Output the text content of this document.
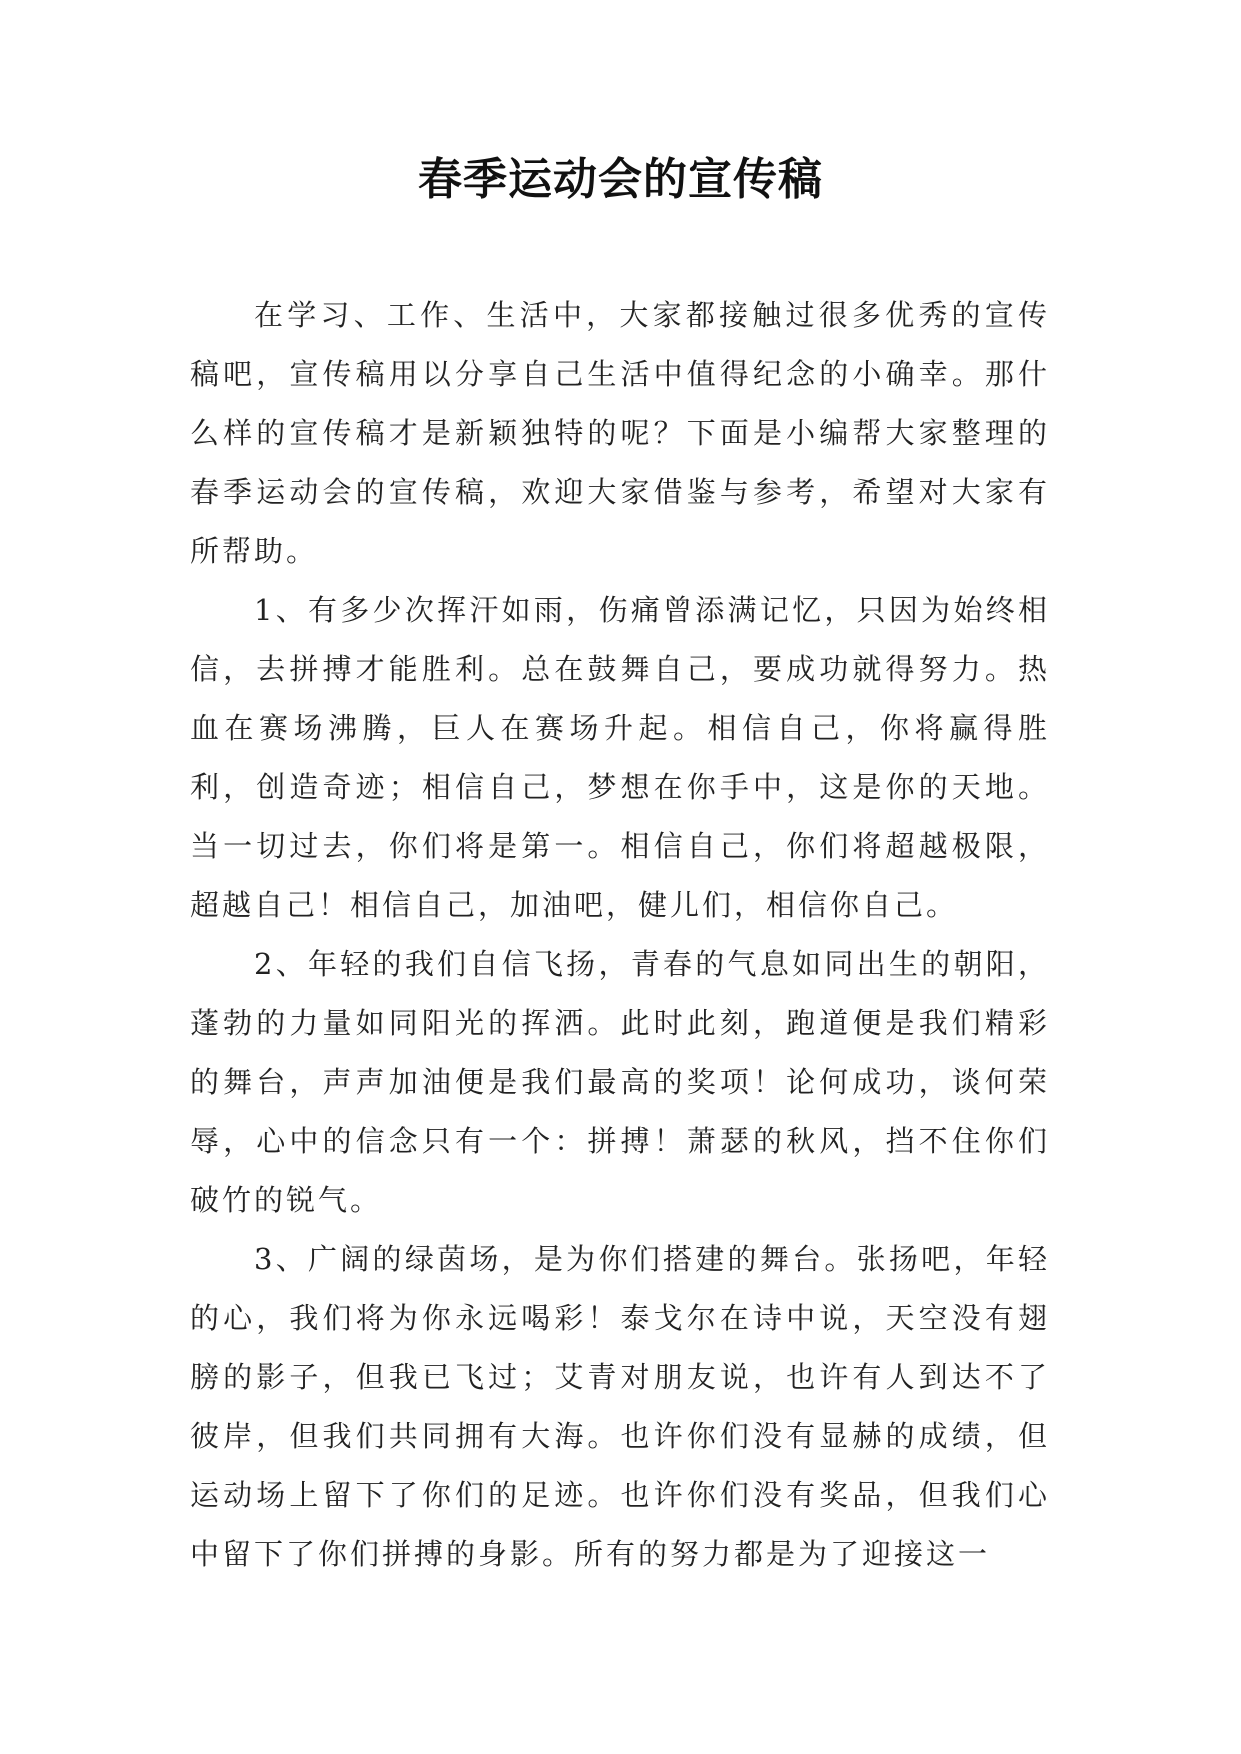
春季运动会的宣传稿

在学习、工作、生活中，大家都接触过很多优秀的宣传稿吧，宣传稿用以分享自己生活中值得纪念的小确幸。那什么样的宣传稿才是新颖独特的呢？下面是小编帮大家整理的春季运动会的宣传稿，欢迎大家借鉴与参考，希望对大家有所帮助。

1、有多少次挥汗如雨，伤痛曾添满记忆，只因为始终相信，去拼搏才能胜利。总在鼓舞自己，要成功就得努力。热血在赛场沸腾，巨人在赛场升起。相信自己，你将赢得胜利，创造奇迹；相信自己，梦想在你手中，这是你的天地。当一切过去，你们将是第一。相信自己，你们将超越极限，超越自己！相信自己，加油吧，健儿们，相信你自己。

2、年轻的我们自信飞扬，青春的气息如同出生的朝阳，蓬勃的力量如同阳光的挥洒。此时此刻，跑道便是我们精彩的舞台，声声加油便是我们最高的奖项！论何成功，谈何荣辱，心中的信念只有一个：拼搏！萧瑟的秋风，挡不住你们破竹的锐气。

3、广阔的绿茵场，是为你们搭建的舞台。张扬吧，年轻的心，我们将为你永远喝彩！泰戈尔在诗中说，天空没有翅膀的影子，但我已飞过；艾青对朋友说，也许有人到达不了彼岸，但我们共同拥有大海。也许你们没有显赫的成绩，但运动场上留下了你们的足迹。也许你们没有奖品，但我们心中留下了你们拼搏的身影。所有的努力都是为了迎接这一
